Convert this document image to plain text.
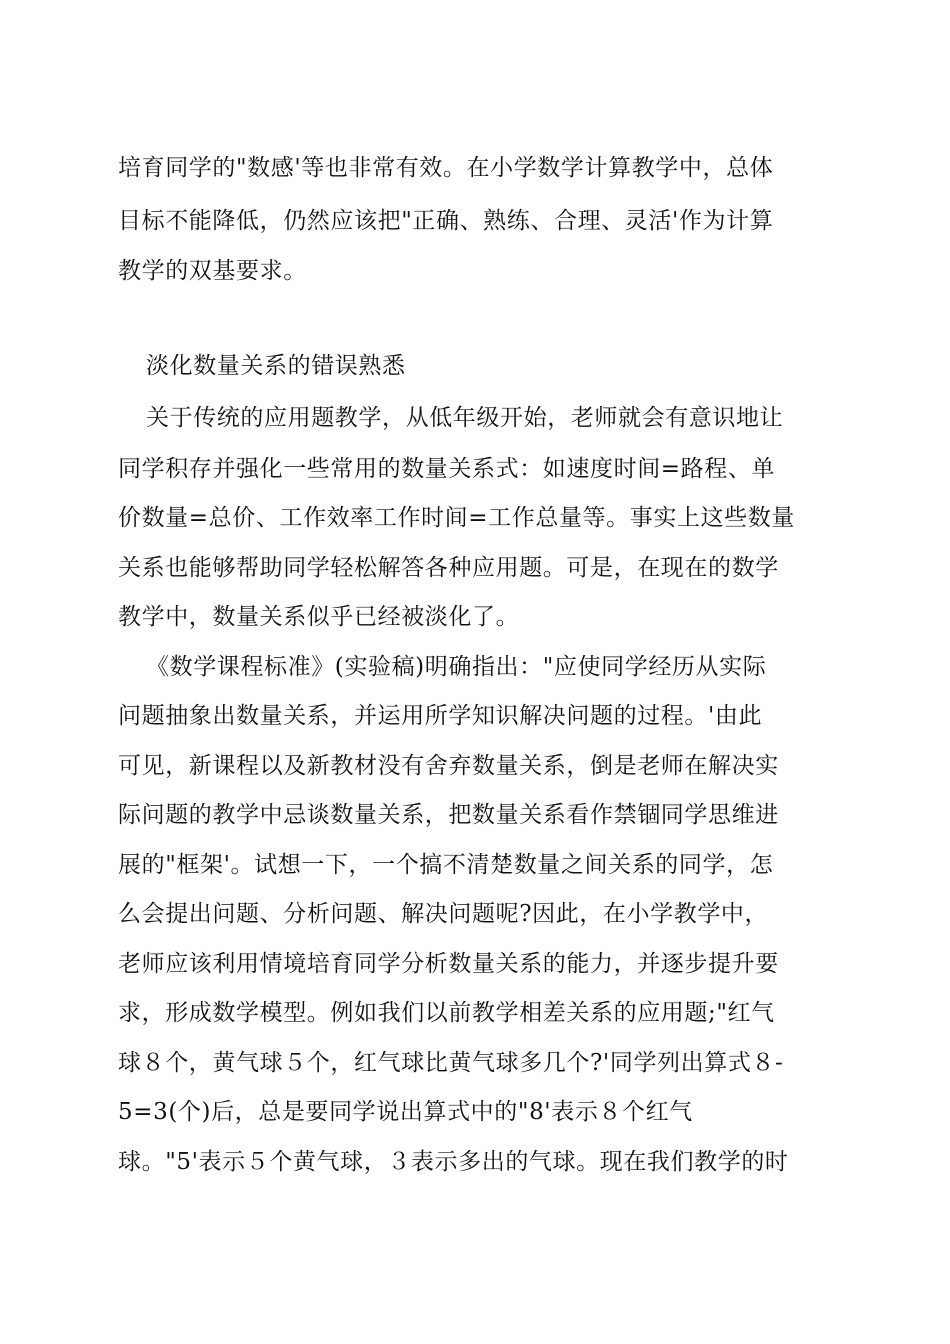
培育同学的"数感'等也非常有效。在小学数学计算教学中，总体
目标不能降低，仍然应该把"正确、熟练、合理、灵活'作为计算
教学的双基要求。
淡化数量关系的错误熟悉
关于传统的应用题教学，从低年级开始，老师就会有意识地让
同学积存并强化一些常用的数量关系式：如速度时间=路程、单
价数量=总价、工作效率工作时间=工作总量等。事实上这些数量
关系也能够帮助同学轻松解答各种应用题。可是，在现在的数学
教学中，数量关系似乎已经被淡化了。
《数学课程标准》(实验稿)明确指出："应使同学经历从实际
问题抽象出数量关系，并运用所学知识解决问题的过程。'由此
可见，新课程以及新教材没有舍弃数量关系，倒是老师在解决实
际问题的教学中忌谈数量关系，把数量关系看作禁锢同学思维进
展的"框架'。试想一下，一个搞不清楚数量之间关系的同学，怎
么会提出问题、分析问题、解决问题呢?因此，在小学教学中，
老师应该利用情境培育同学分析数量关系的能力，并逐步提升要
求，形成数学模型。例如我们以前教学相差关系的应用题;"红气
球８个，黄气球５个，红气球比黄气球多几个?'同学列出算式８-
5=3(个)后，总是要同学说出算式中的"8'表示８个红气
球。"5'表示５个黄气球，３表示多出的气球。现在我们教学的时
